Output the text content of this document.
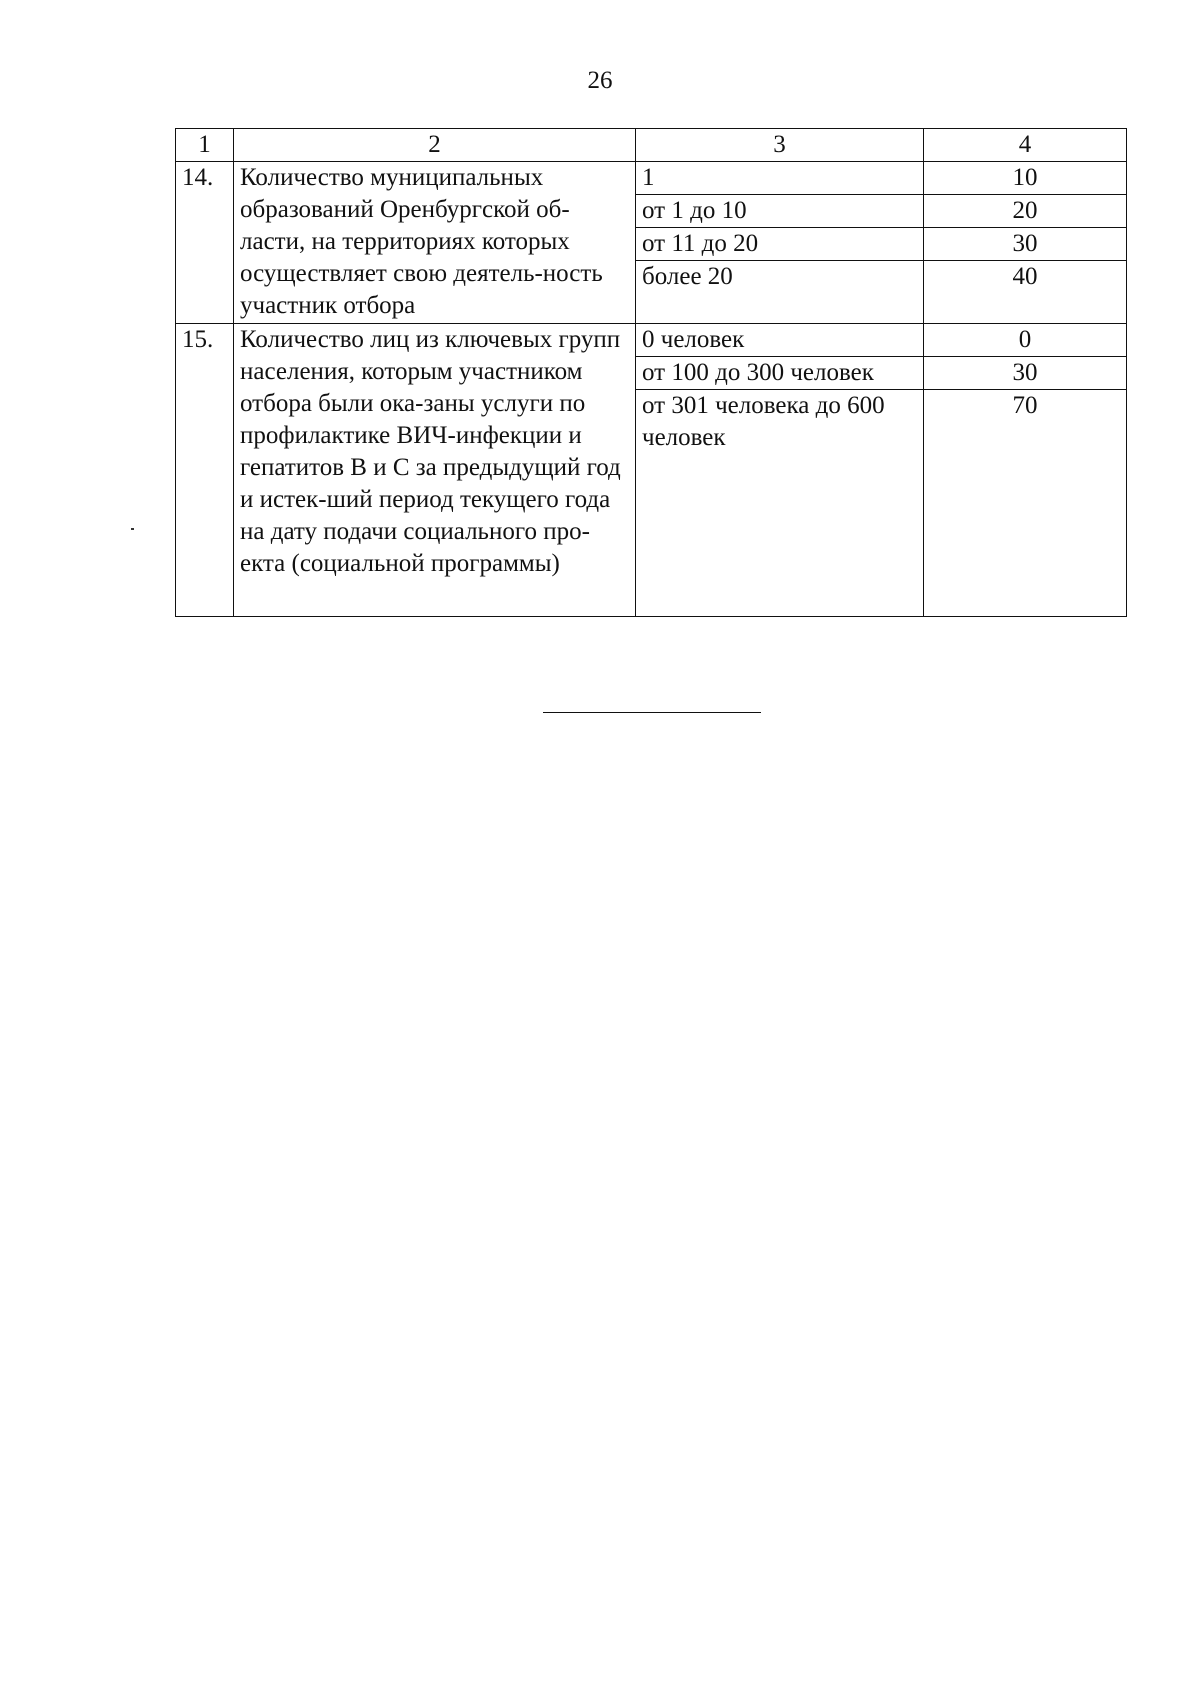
26
1	2	3	4
14.	Количество муниципальных образований Оренбургской об-ласти, на территориях которых осуществляет свою деятель-ность участник отбора	1	10
		от 1 до 10	20
		от 11 до 20	30
		более 20	40
15.	Количество лиц из ключевых групп населения, которым участником отбора были ока-заны услуги по профилактике ВИЧ-инфекции и гепатитов В и С за предыдущий год и истек-ший период текущего года на дату подачи социального про-екта (социальной программы)	0 человек	0
		от 100 до 300 человек	30
		от 301 человека до 600 человек	70
